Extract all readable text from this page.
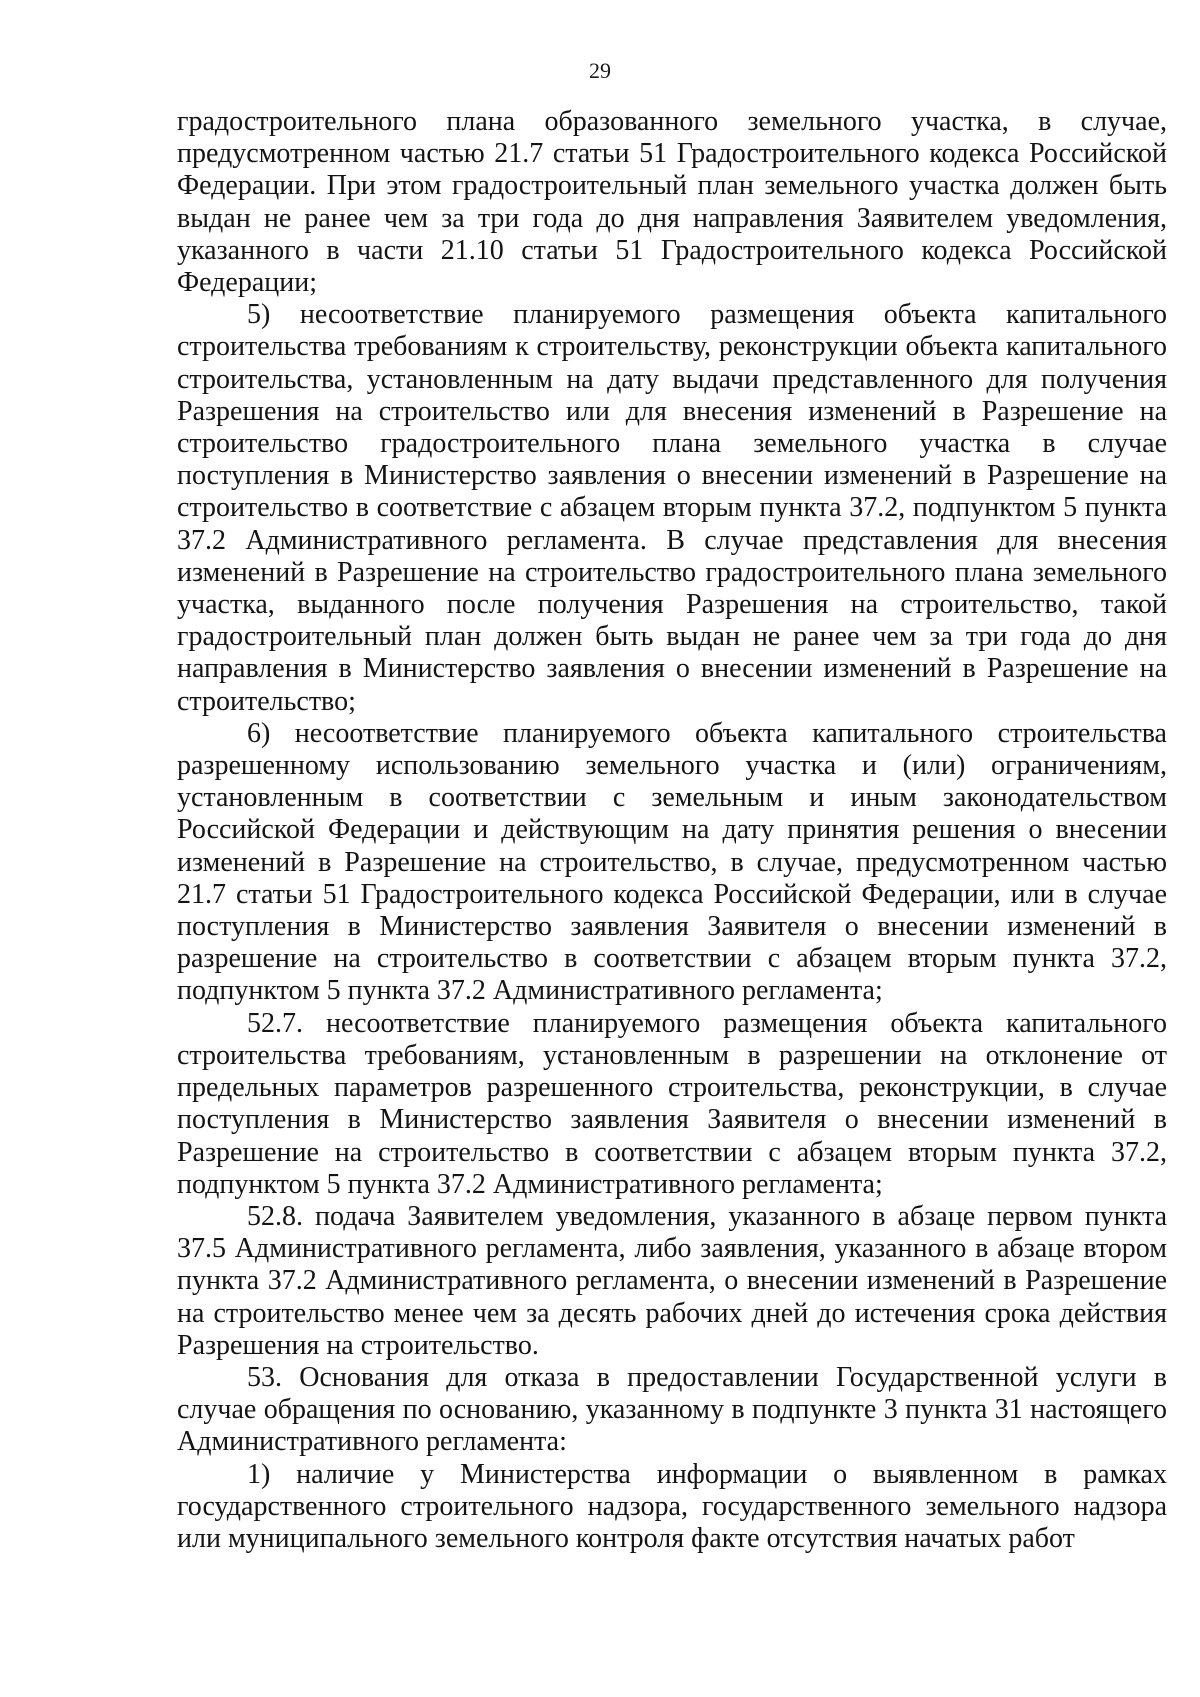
29

градостроительного плана образованного земельного участка, в случае, предусмотренном частью 21.7 статьи 51 Градостроительного кодекса Российской Федерации. При этом градостроительный план земельного участка должен быть выдан не ранее чем за три года до дня направления Заявителем уведомления, указанного в части 21.10 статьи 51 Градостроительного кодекса Российской Федерации;

5) несоответствие планируемого размещения объекта капитального строительства требованиям к строительству, реконструкции объекта капитального строительства, установленным на дату выдачи представленного для получения Разрешения на строительство или для внесения изменений в Разрешение на строительство градостроительного плана земельного участка в случае поступления в Министерство заявления о внесении изменений в Разрешение на строительство в соответствие с абзацем вторым пункта 37.2, подпунктом 5 пункта 37.2 Административного регламента. В случае представления для внесения изменений в Разрешение на строительство градостроительного плана земельного участка, выданного после получения Разрешения на строительство, такой градостроительный план должен быть выдан не ранее чем за три года до дня направления в Министерство заявления о внесении изменений в Разрешение на строительство;

6) несоответствие планируемого объекта капитального строительства разрешенному использованию земельного участка и (или) ограничениям, установленным в соответствии с земельным и иным законодательством Российской Федерации и действующим на дату принятия решения о внесении изменений в Разрешение на строительство, в случае, предусмотренном частью 21.7 статьи 51 Градостроительного кодекса Российской Федерации, или в случае поступления в Министерство заявления Заявителя о внесении изменений в разрешение на строительство в соответствии с абзацем вторым пункта 37.2, подпунктом 5 пункта 37.2 Административного регламента;

52.7. несоответствие планируемого размещения объекта капитального строительства требованиям, установленным в разрешении на отклонение от предельных параметров разрешенного строительства, реконструкции, в случае поступления в Министерство заявления Заявителя о внесении изменений в Разрешение на строительство в соответствии с абзацем вторым пункта 37.2, подпунктом 5 пункта 37.2 Административного регламента;

52.8. подача Заявителем уведомления, указанного в абзаце первом пункта 37.5 Административного регламента, либо заявления, указанного в абзаце втором пункта 37.2 Административного регламента, о внесении изменений в Разрешение на строительство менее чем за десять рабочих дней до истечения срока действия Разрешения на строительство.

53. Основания для отказа в предоставлении Государственной услуги в случае обращения по основанию, указанному в подпункте 3 пункта 31 настоящего Административного регламента:

1) наличие у Министерства информации о выявленном в рамках государственного строительного надзора, государственного земельного надзора или муниципального земельного контроля факте отсутствия начатых работ
